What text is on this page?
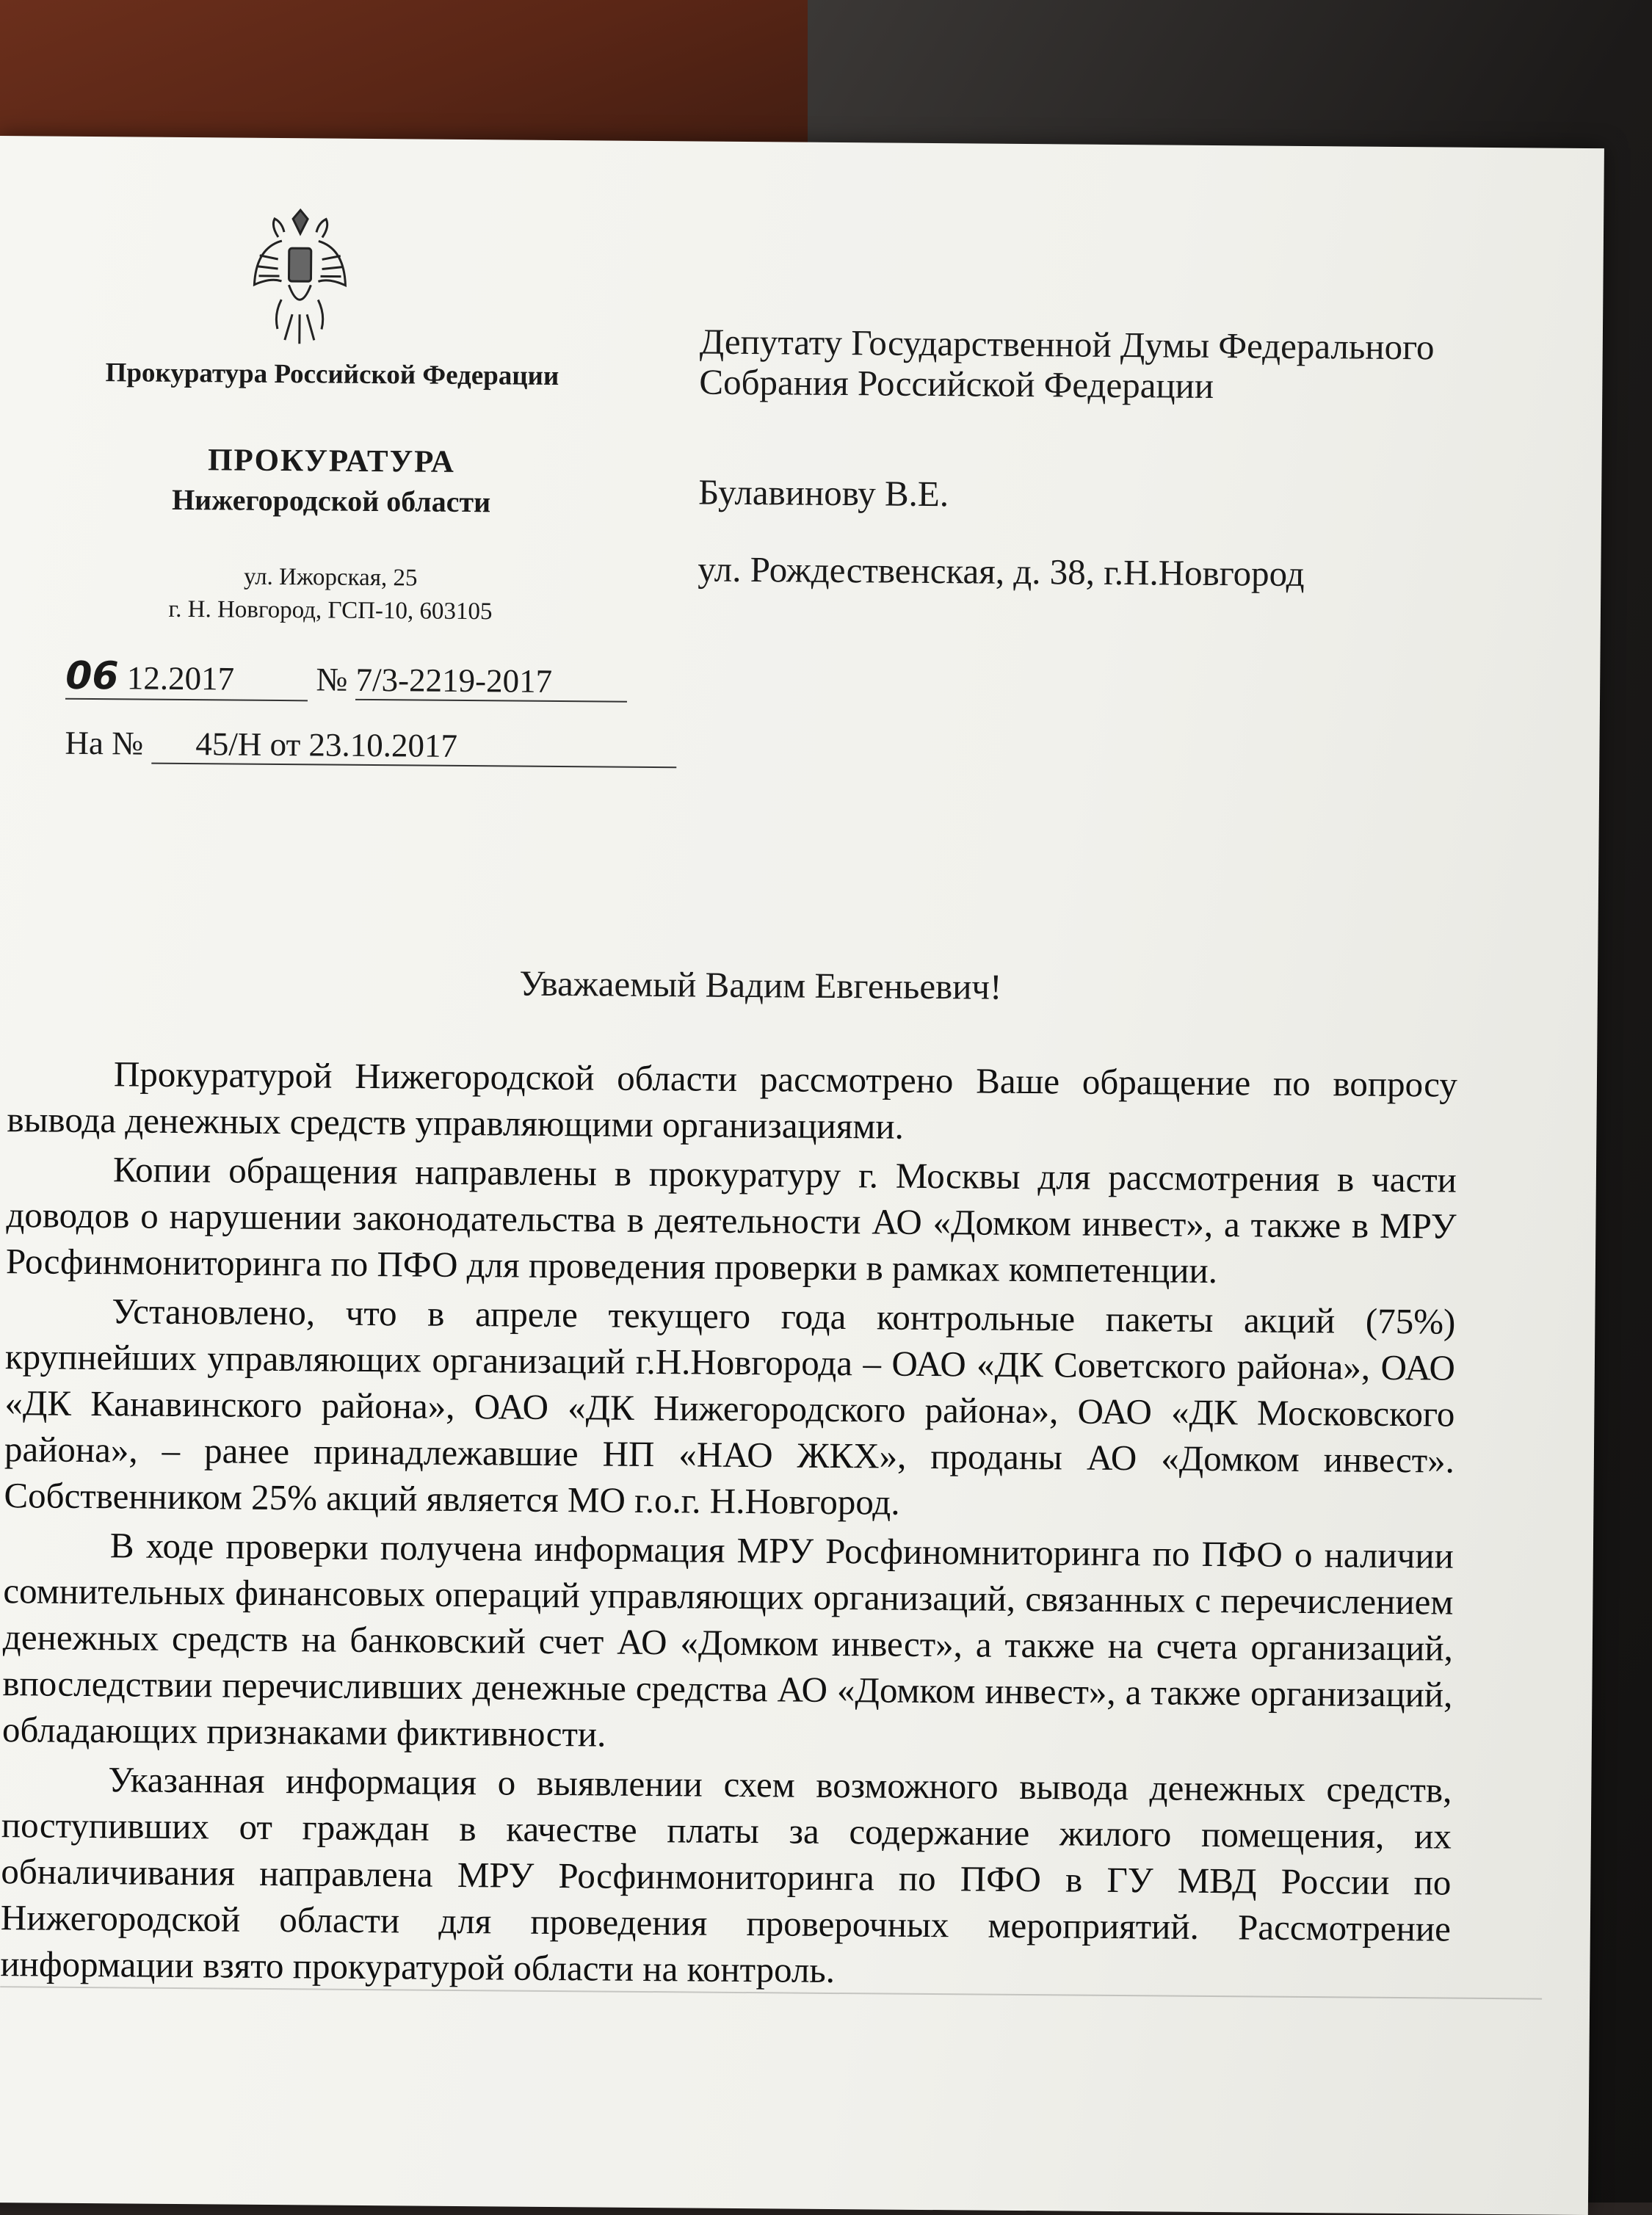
Прокуратура Российской Федерации
ПРОКУРАТУРА
Нижегородской области
ул. Ижорская, 25
г. Н. Новгород, ГСП-10, 603105
06 12.2017 № 7/3-2219-2017
На № 45/Н от 23.10.2017
Депутату Государственной Думы Федерального Собрания Российской Федерации
Булавинову В.Е.
ул. Рождественская, д. 38, г.Н.Новгород
Уважаемый Вадим Евгеньевич!

Прокуратурой Нижегородской области рассмотрено Ваше обращение по вопросу вывода денежных средств управляющими организациями.

Копии обращения направлены в прокуратуру г. Москвы для рассмотрения в части доводов о нарушении законодательства в деятельности АО «Домком инвест», а также в МРУ Росфинмониторинга по ПФО для проведения проверки в рамках компетенции.

Установлено, что в апреле текущего года контрольные пакеты акций (75%) крупнейших управляющих организаций г.Н.Новгорода – ОАО «ДК Советского района», ОАО «ДК Канавинского района», ОАО «ДК Нижегородского района», ОАО «ДК Московского района», – ранее принадлежавшие НП «НАО ЖКХ», проданы АО «Домком инвест». Собственником 25% акций является МО г.о.г. Н.Новгород.

В ходе проверки получена информация МРУ Росфиномниторинга по ПФО о наличии сомнительных финансовых операций управляющих организаций, связанных с перечислением денежных средств на банковский счет АО «Домком инвест», а также на счета организаций, впоследствии перечисливших денежные средства АО «Домком инвест», а также организаций, обладающих признаками фиктивности.

Указанная информация о выявлении схем возможного вывода денежных средств, поступивших от граждан в качестве платы за содержание жилого помещения, их обналичивания направлена МРУ Росфинмониторинга по ПФО в ГУ МВД России по Нижегородской области для проведения проверочных мероприятий. Рассмотрение информации взято прокуратурой области на контроль.
